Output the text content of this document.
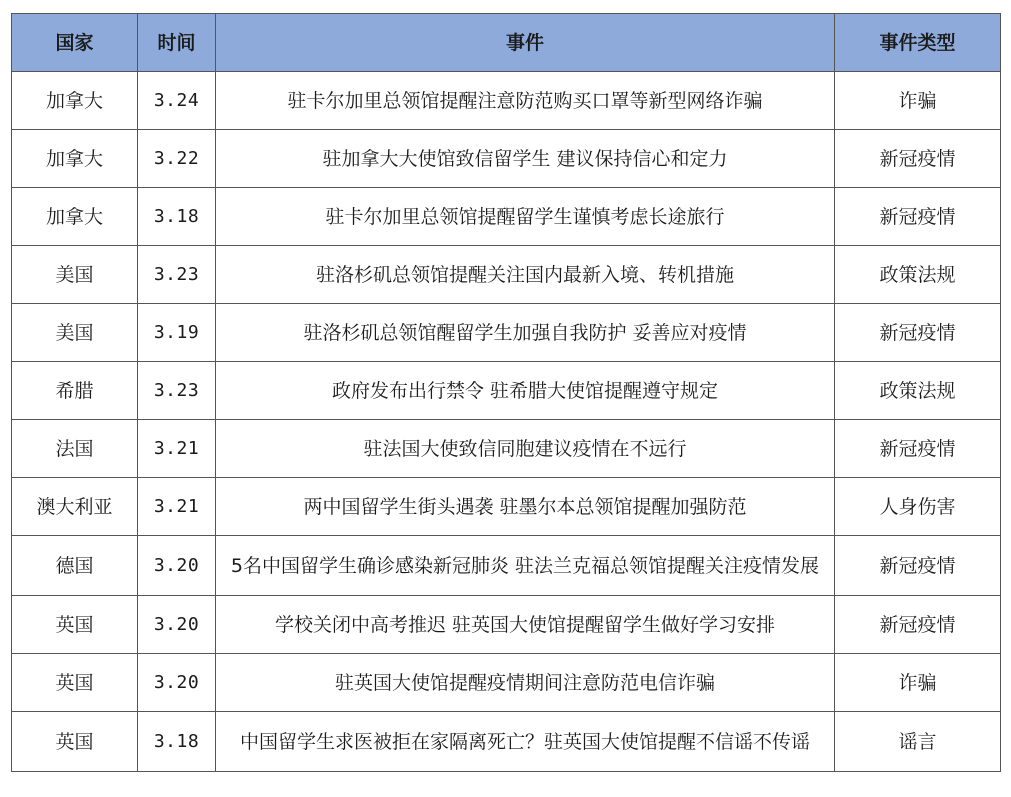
国家	时间	事件	事件类型
加拿大	3.24	驻卡尔加里总领馆提醒注意防范购买口罩等新型网络诈骗	诈骗
加拿大	3.22	驻加拿大大使馆致信留学生 建议保持信心和定力	新冠疫情
加拿大	3.18	驻卡尔加里总领馆提醒留学生谨慎考虑长途旅行	新冠疫情
美国	3.23	驻洛杉矶总领馆提醒关注国内最新入境、转机措施	政策法规
美国	3.19	驻洛杉矶总领馆醒留学生加强自我防护 妥善应对疫情	新冠疫情
希腊	3.23	政府发布出行禁令 驻希腊大使馆提醒遵守规定	政策法规
法国	3.21	驻法国大使致信同胞建议疫情在不远行	新冠疫情
澳大利亚	3.21	两中国留学生街头遇袭 驻墨尔本总领馆提醒加强防范	人身伤害
德国	3.20	5名中国留学生确诊感染新冠肺炎 驻法兰克福总领馆提醒关注疫情发展	新冠疫情
英国	3.20	学校关闭中高考推迟 驻英国大使馆提醒留学生做好学习安排	新冠疫情
英国	3.20	驻英国大使馆提醒疫情期间注意防范电信诈骗	诈骗
英国	3.18	中国留学生求医被拒在家隔离死亡？驻英国大使馆提醒不信谣不传谣	谣言
